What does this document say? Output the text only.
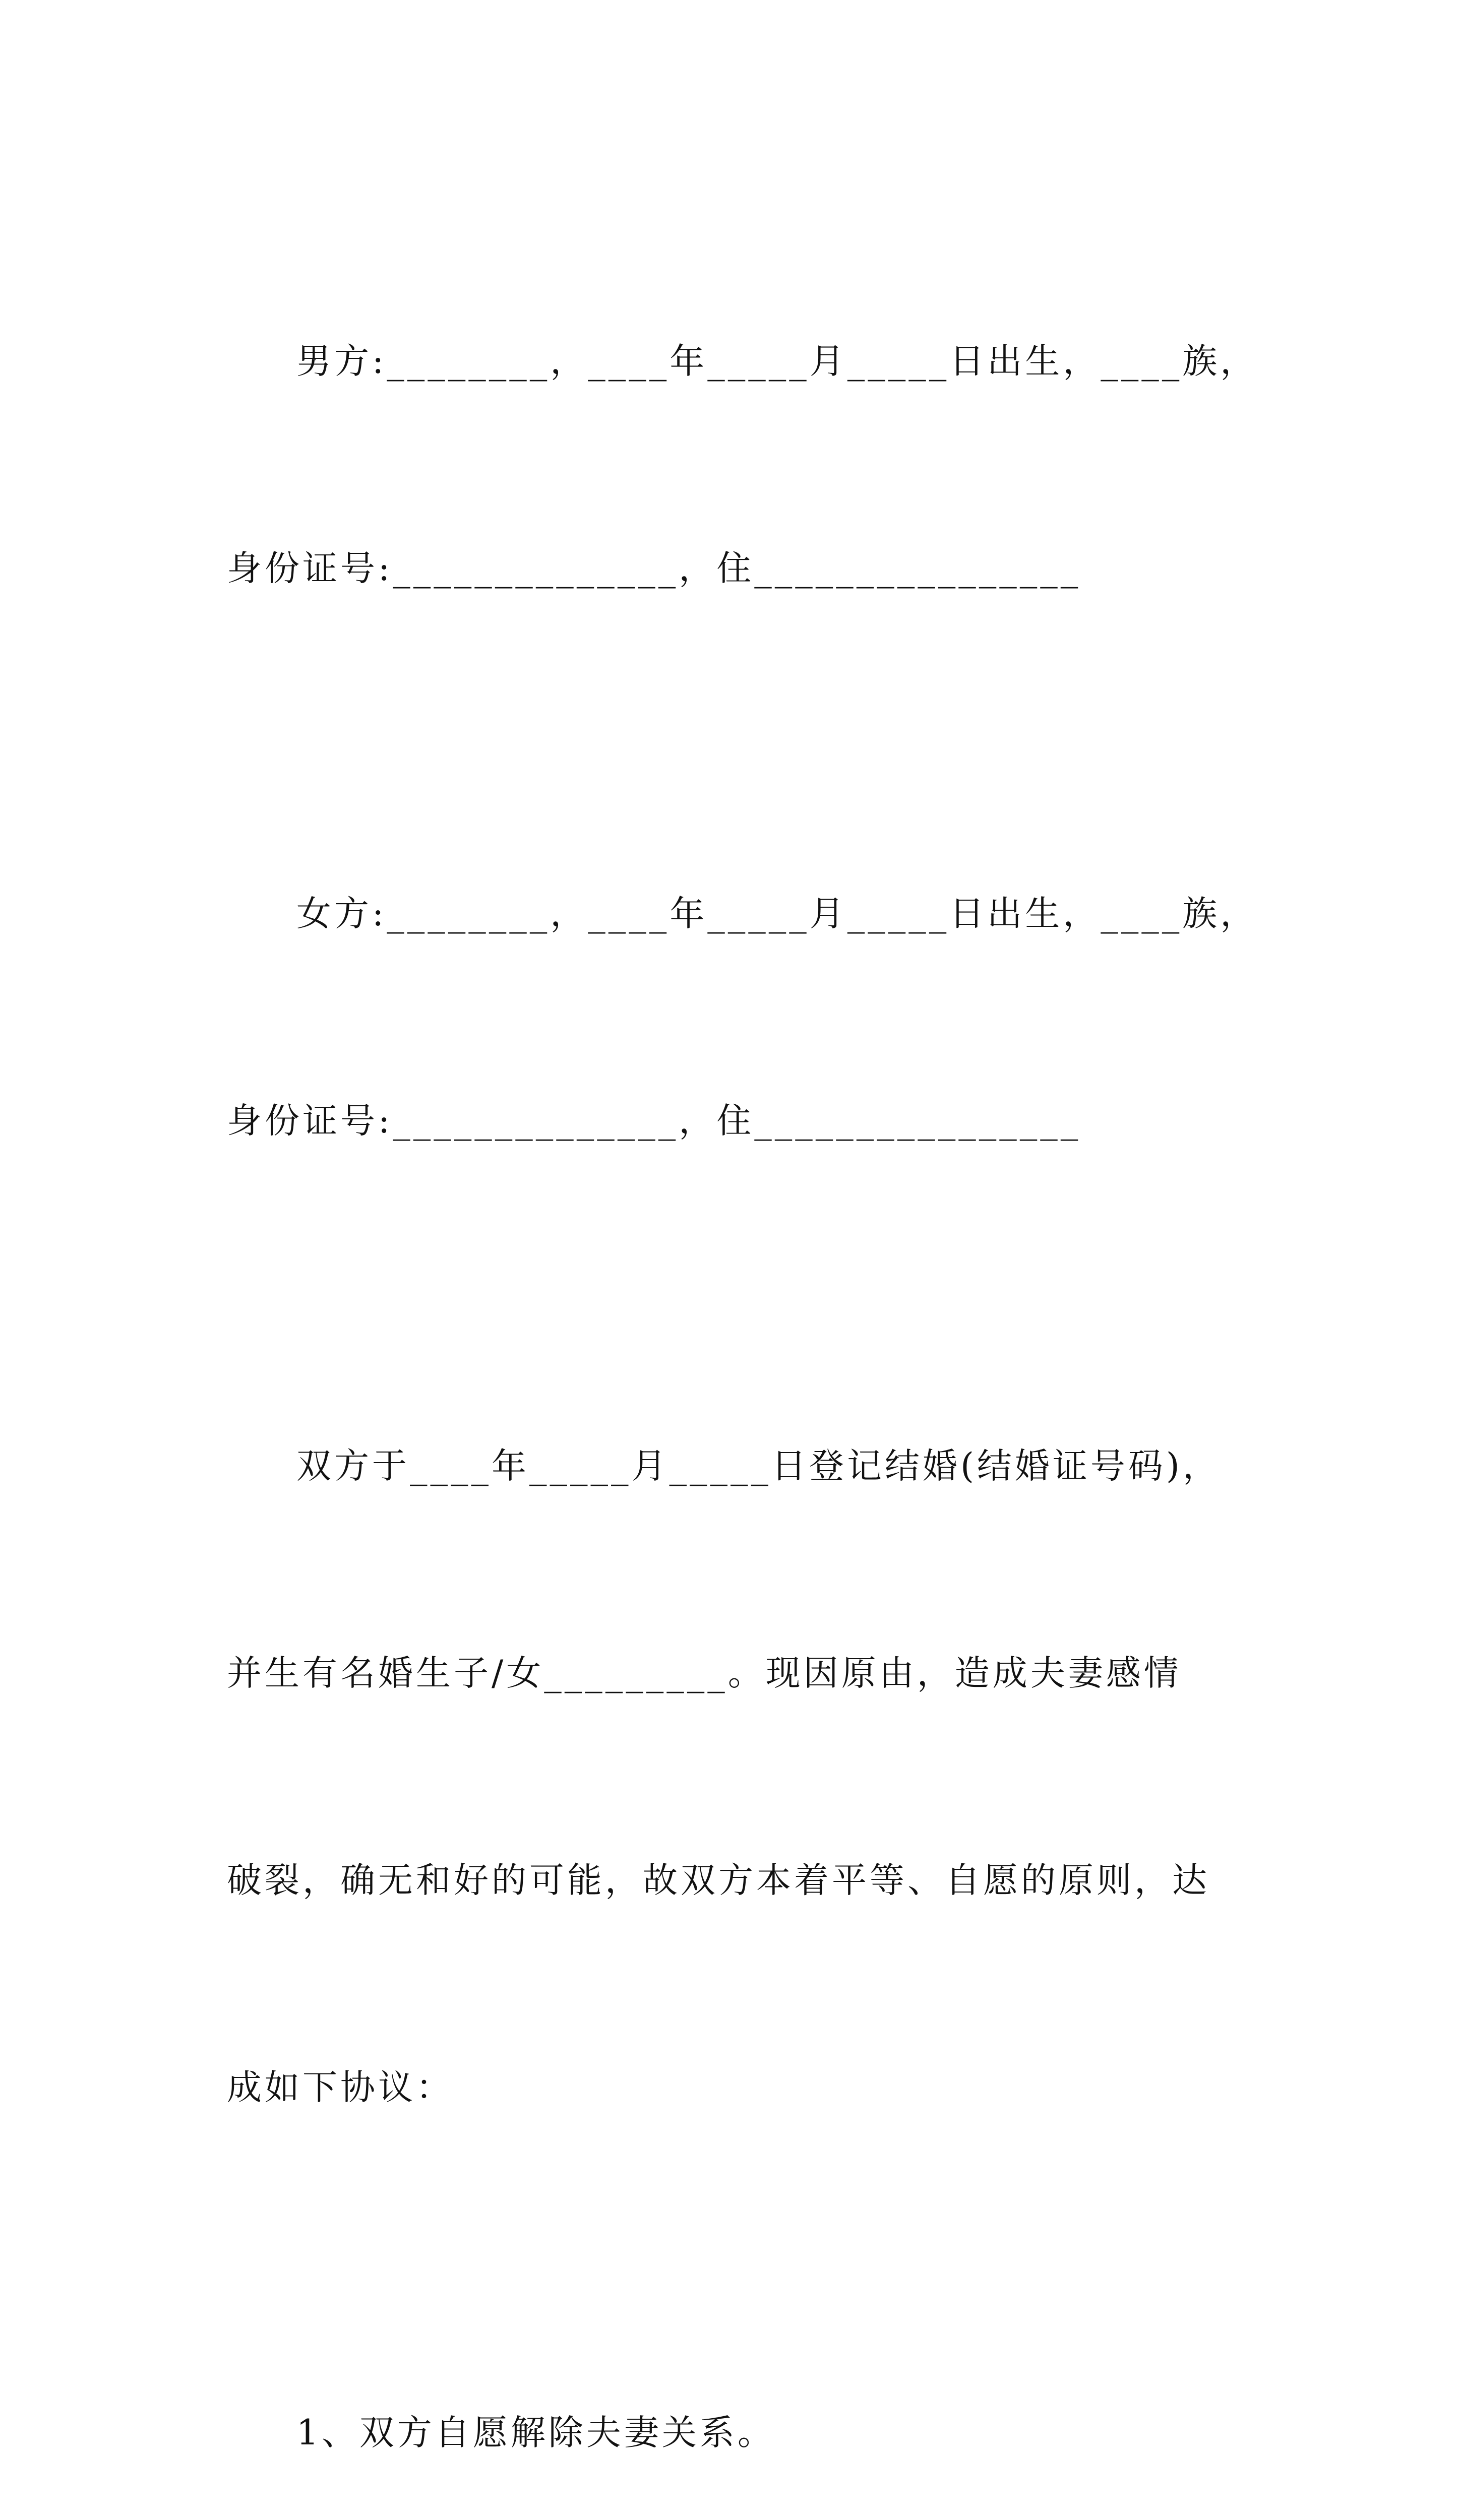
男方:________，____年_____月_____日出生，____族，

身份证号:______________，住________________

女方:________，____年_____月_____日出生，____族，

身份证号:______________，住________________

双方于____年_____月_____日登记结婚(结婚证号码)，

并生有名婚生子/女_________。现因原由，造成夫妻感情

破裂，确无和好的可能，故双方本着平等、自愿的原则，达

成如下协议：

1、双方自愿解除夫妻关系。
